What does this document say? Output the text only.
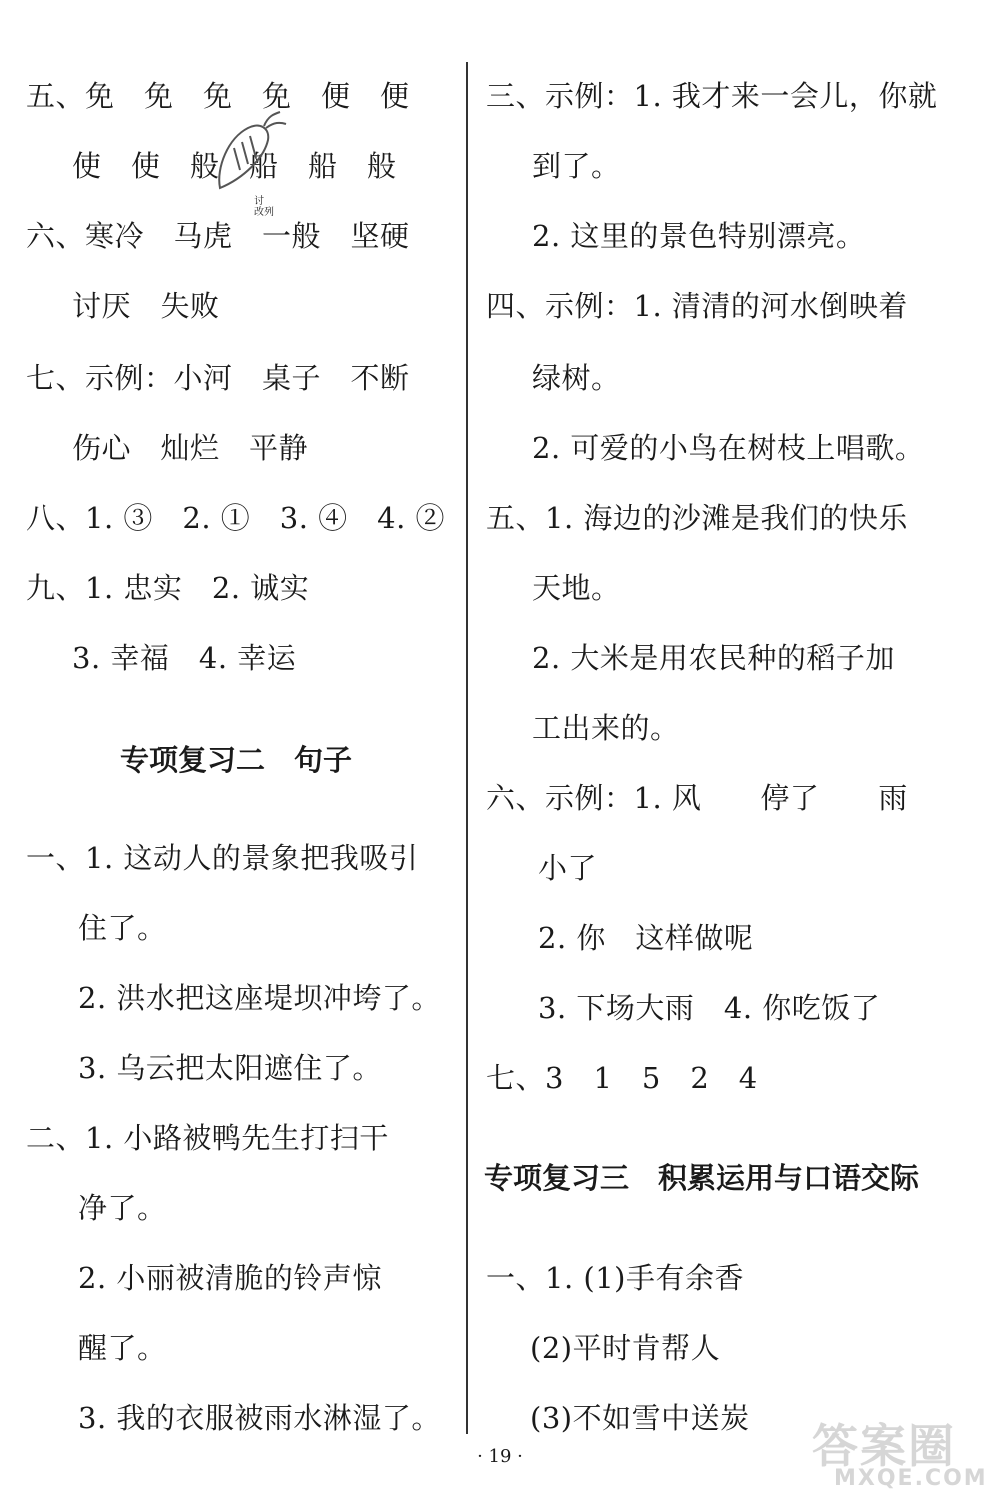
五、免　免　免　免　便　便
使　使　般　船　船　般
六、寒冷　马虎　一般　坚硬
讨厌　失败
七、示例：小河　桌子　不断
伤心　灿烂　平静
八、1. ③　2. ①　3. ④　4. ②
九、1. 忠实　2. 诚实
3. 幸福　4. 幸运
专项复习二　句子
一、1. 这动人的景象把我吸引
住了。
2. 洪水把这座堤坝冲垮了。
3. 乌云把太阳遮住了。
二、1. 小路被鸭先生打扫干
净了。
2. 小丽被清脆的铃声惊
醒了。
3. 我的衣服被雨水淋湿了。
讨
改列
三、示例：1. 我才来一会儿，你就
到了。
2. 这里的景色特别漂亮。
四、示例：1. 清清的河水倒映着
绿树。
2. 可爱的小鸟在树枝上唱歌。
五、1. 海边的沙滩是我们的快乐
天地。
2. 大米是用农民种的稻子加
工出来的。
六、示例：1. 风　　停了　　雨
小了
2. 你　这样做呢
3. 下场大雨　4. 你吃饭了
七、3　1　5　2　4
专项复习三　积累运用与口语交际
一、1. (1)手有余香
(2)平时肯帮人
(3)不如雪中送炭
· 19 ·	答案圈
MXQE.COM
